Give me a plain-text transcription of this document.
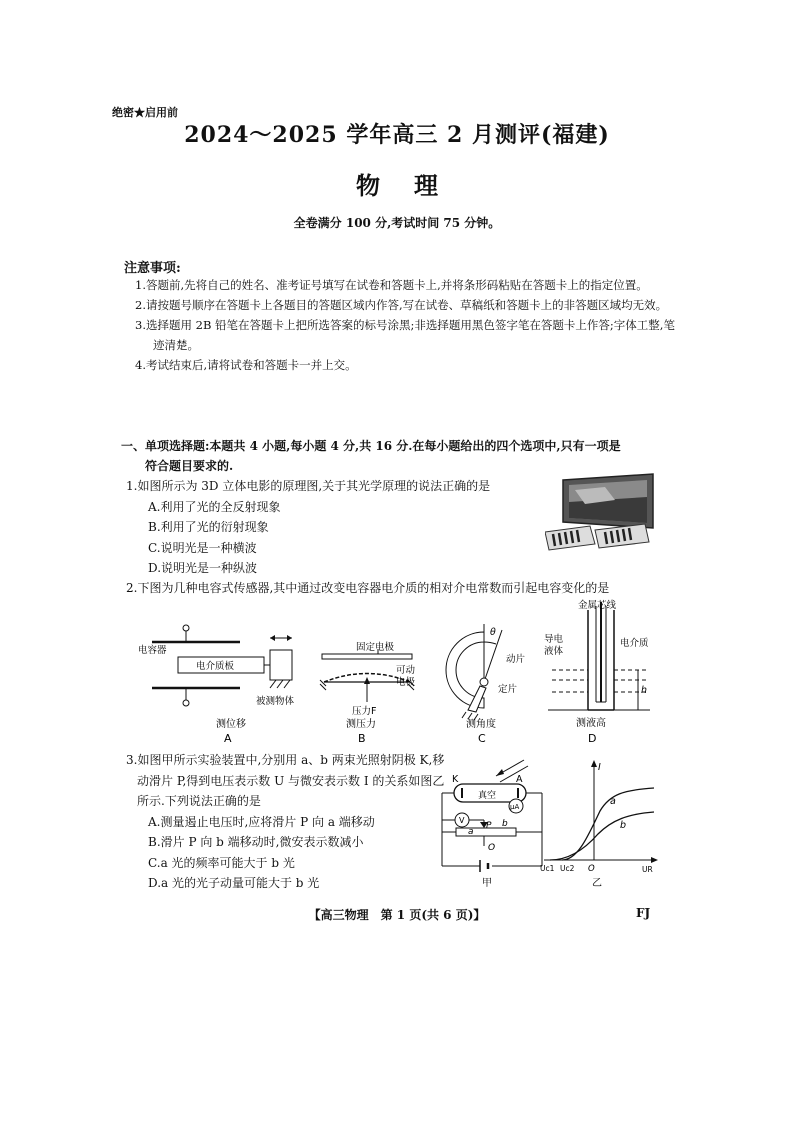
绝密★启用前
2024～2025 学年高三 2 月测评(福建)
物理
全卷满分 100 分,考试时间 75 分钟。
注意事项:

1.答题前,先将自己的姓名、准考证号填写在试卷和答题卡上,并将条形码粘贴在答题卡上的指定位置。

2.请按题号顺序在答题卡上各题目的答题区域内作答,写在试卷、草稿纸和答题卡上的非答题区域均无效。

3.选择题用 2B 铅笔在答题卡上把所选答案的标号涂黑;非选择题用黑色签字笔在答题卡上作答;字体工整,笔迹清楚。

4.考试结束后,请将试卷和答题卡一并上交。

一、单项选择题:本题共 4 小题,每小题 4 分,共 16 分.在每小题给出的四个选项中,只有一项是
符合题目要求的.
1.如图所示为 3D 立体电影的原理图,关于其光学原理的说法正确的是
A.利用了光的全反射现象
B.利用了光的衍射现象
C.说明光是一种横波
D.说明光是一种纵波
2.下图为几种电容式传感器,其中通过改变电容器电介质的相对介电常数而引起电容变化的是
电容器
电介质板
被测物体
测位移
A
固定电极
可动
电极
压力F
测压力
B
θ
动片
定片
测角度
C
金属芯线
导电
液体
电介质
h
测液高
D
3.如图甲所示实验装置中,分别用 a、b 两束光照射阴极 K,移动滑片 P,得到电压表示数 U 与微安表示数 I 的关系如图乙所示.下列说法正确的是
A.测量遏止电压时,应将滑片 P 向 a 端移动
B.滑片 P 向 b 端移动时,微安表示数减小
C.a 光的频率可能大于 b 光
D.a 光的光子动量可能大于 b 光
K	A
真空
μA
V
a
P b
O
甲
I
a
b
Uc1 Uc2 O	UR
乙
【高三物理　第 1 页(共 6 页)】	FJ
